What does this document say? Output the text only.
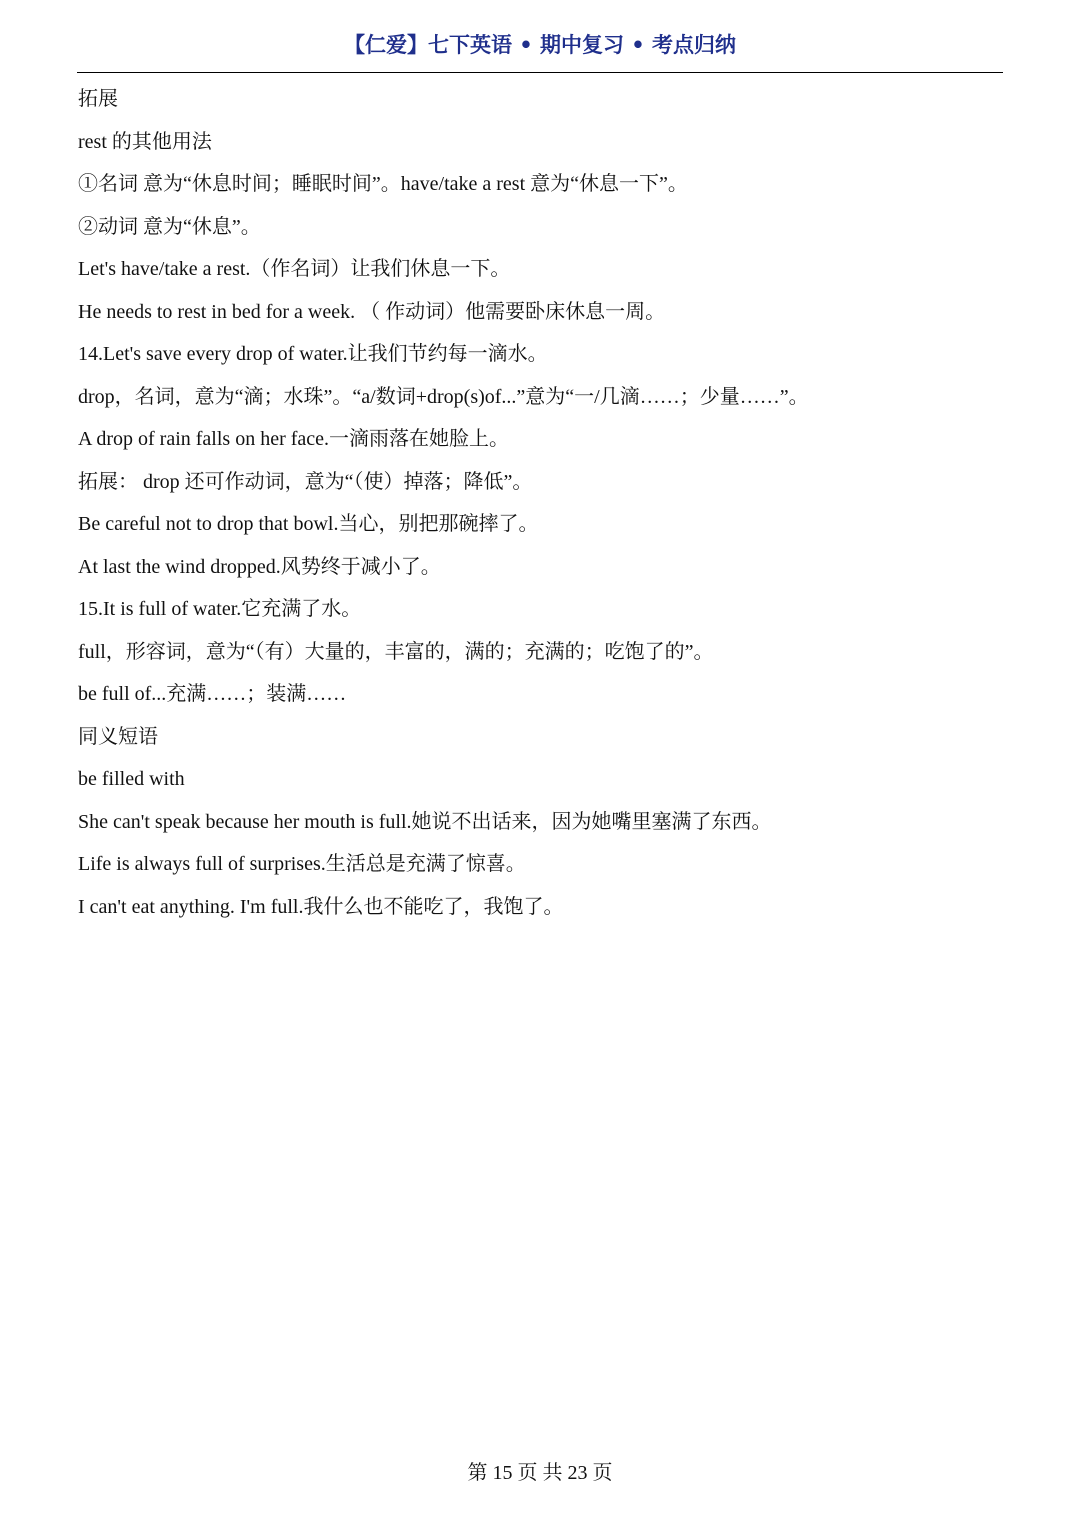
【仁爱】七下英语 • 期中复习 • 考点归纳
拓展
rest 的其他用法
①名词 意为“休息时间；睡眠时间”。have/take a rest 意为“休息一下”。
②动词 意为“休息”。
Let's have/take a rest.（作名词）让我们休息一下。
He needs to rest in bed for a week. （ 作动词）他需要卧床休息一周。
14.Let's save every drop of water.让我们节约每一滴水。
drop，名词，意为“滴；水珠”。“a/数词+drop(s)of...”意为“一/几滴……；少量……”。
A drop of rain falls on her face.一滴雨落在她脸上。
拓展： drop 还可作动词，意为“（使）掉落；降低”。
Be careful not to drop that bowl.当心，别把那碗摔了。
At last the wind dropped.风势终于减小了。
15.It is full of water.它充满了水。
full，形容词，意为“（有）大量的，丰富的，满的；充满的；吃饱了的”。
be full of...充满……；装满……
同义短语
be filled with
She can't speak because her mouth is full.她说不出话来，因为她嘴里塞满了东西。
Life is always full of surprises.生活总是充满了惊喜。
I can't eat anything. I'm full.我什么也不能吃了，我饱了。
第 15 页 共 23 页
